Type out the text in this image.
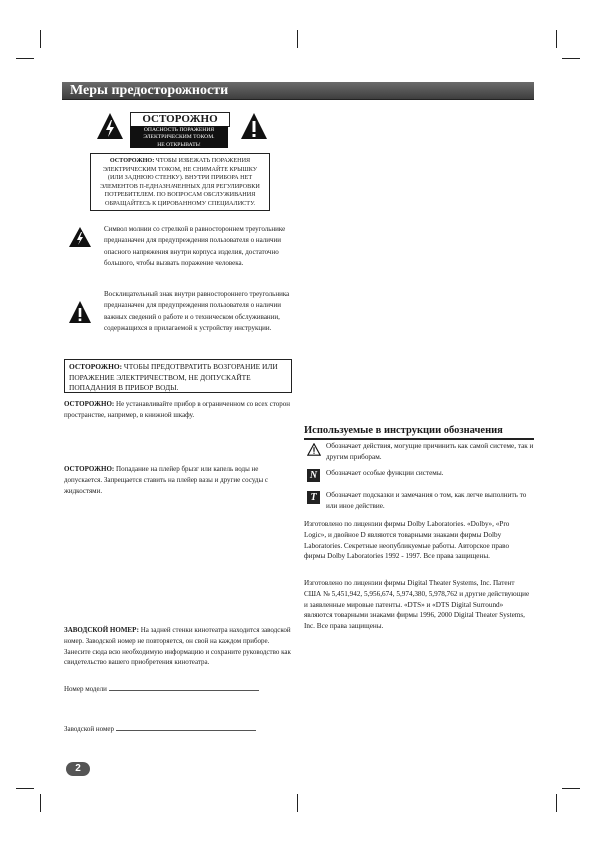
Меры предосторожности
ОСТОРОЖНО
ОПАСНОСТЬ ПОРАЖЕНИЯ
ЭЛЕКТРИЧЕСКИМ ТОКОМ.
НЕ ОТКРЫВАТЬ!
ОСТОРОЖНО: ЧТОБЫ ИЗБЕЖАТЬ ПОРАЖЕНИЯ ЭЛЕКТРИЧЕСКИМ ТОКОМ, НЕ СНИМАЙТЕ КРЫШКУ (ИЛИ ЗАДНЮЮ СТЕНКУ). ВНУТРИ ПРИБОРА НЕТ ЭЛЕМЕНТОВ П-ЕДНАЗНАЧЕННЫХ ДЛЯ РЕГУЛИРОВКИ ПОТРЕБИТЕЛЕМ. ПО ВОПРОСАМ ОБСЛУЖИВАНИЯ ОБРАЩАЙТЕСЬ К ЦИРОВАННОМУ СПЕЦИАЛИСТУ.
Символ молнии со стрелкой в равностороннем треугольнике предназначен для предупреждения пользователя о наличии опасного напряжения внутри корпуса изделия, достаточно большого, чтобы вызвать поражение человека.
Восклицательный знак внутри равностороннего треугольника предназначен для предупреждения пользователя о наличии важных сведений о работе и о техническом обслуживании, содержащихся в прилагаемой к устройству инструкции.
ОСТОРОЖНО: ЧТОБЫ ПРЕДОТВРАТИТЬ ВОЗГОРАНИЕ ИЛИ ПОРАЖЕНИЕ ЭЛЕКТРИЧЕСТВОМ, НЕ ДОПУСКАЙТЕ ПОПАДАНИЯ В ПРИБОР ВОДЫ.
ОСТОРОЖНО: Не устанавливайте прибор в ограниченном со всех сторон пространстве, например, в книжной шкафу.
ОСТОРОЖНО: Попадание на плейер брызг или капель воды не допускается. Запрещается ставить на плейер вазы и другие сосуды с жидкостями.
ЗАВОДСКОЙ НОМЕР: На задней стенки кинотеатра находится заводской номер. Заводской номер не повторяется, он свой на каждом приборе. Занесите сюда всю необходимую информацию и сохраните руководство как свидетельство вашего приобретения кинотеатра.
Номер модели
Заводской номер
Используемые в инструкции обозначения
Обозначает действия, могущие причинить как самой системе, так и другим приборам.
N	Обозначает особые функции системы.
T	Обозначает подсказки и замечания о том, как легче выполнить то или иное действие.
Изготовлено по лицензии фирмы Dolby Laboratories. «Dolby», «Pro Logic», и двойное D являются товарными знаками фирмы Dolby Laboratories. Секретные неопубликуемые работы. Авторское право фирмы Dolby Laboratories 1992 - 1997. Все права защищены.
Изготовлено по лицензии фирмы Digital Theater Systems, Inc. Патент США № 5,451,942, 5,956,674, 5,974,380, 5,978,762 и другие действующие и заявленные мировые патенты. «DTS» и «DTS Digital Surround» являются товарными знаками фирмы 1996, 2000 Digital Theater Systems, Inc. Все права защищены.
2
